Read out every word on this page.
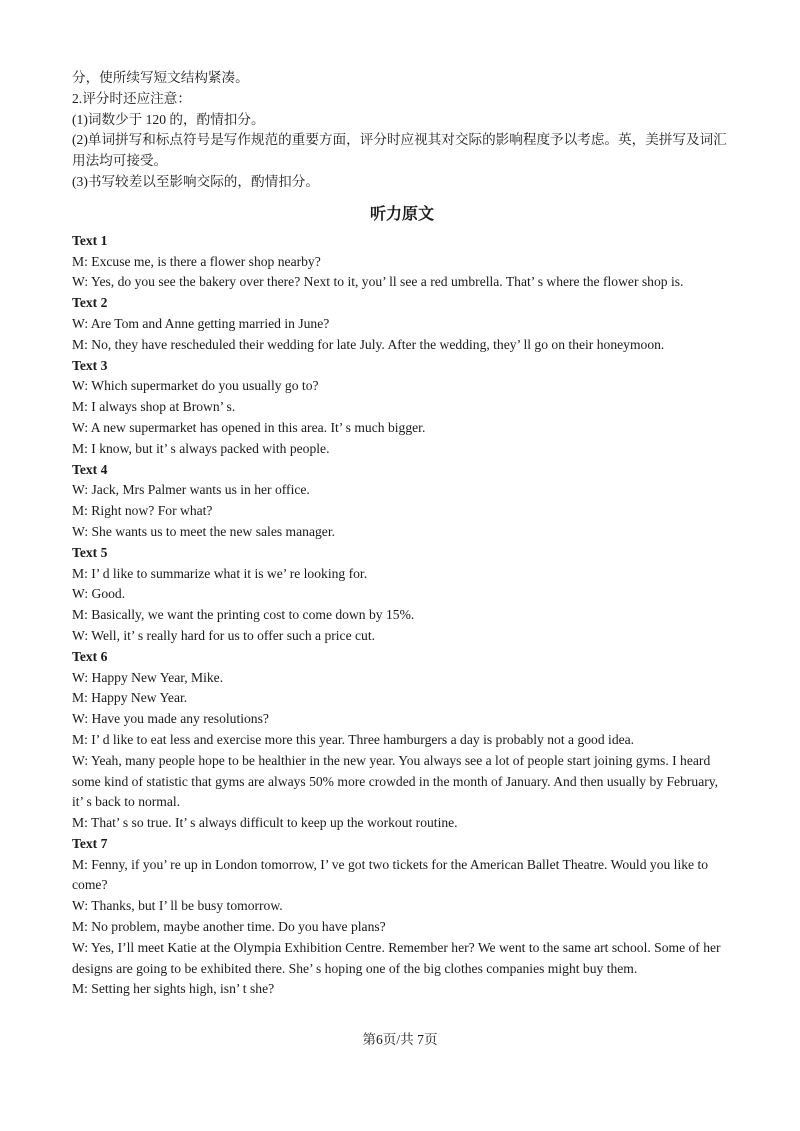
分，使所续写短文结构紧凑。
2.评分时还应注意：
(1)词数少于 120 的，酌情扣分。
(2)单词拼写和标点符号是写作规范的重要方面，评分时应视其对交际的影响程度予以考虑。英，美拼写及词汇用法均可接受。
(3)书写较差以至影响交际的，酌情扣分。
听力原文
Text 1
M: Excuse me, is there a flower shop nearby?
W: Yes, do you see the bakery over there? Next to it, you’ ll see a red umbrella. That’ s where the flower shop is.
Text 2
W: Are Tom and Anne getting married in June?
M: No, they have rescheduled their wedding for late July. After the wedding, they’ ll go on their honeymoon.
Text 3
W: Which supermarket do you usually go to?
M: I always shop at Brown’ s.
W: A new supermarket has opened in this area. It’ s much bigger.
M: I know, but it’ s always packed with people.
Text 4
W: Jack, Mrs Palmer wants us in her office.
M: Right now? For what?
W: She wants us to meet the new sales manager.
Text 5
M: I’ d like to summarize what it is we’ re looking for.
W: Good.
M: Basically, we want the printing cost to come down by 15%.
W: Well, it’ s really hard for us to offer such a price cut.
Text 6
W: Happy New Year, Mike.
M: Happy New Year.
W: Have you made any resolutions?
M: I’ d like to eat less and exercise more this year. Three hamburgers a day is probably not a good idea.
W: Yeah, many people hope to be healthier in the new year. You always see a lot of people start joining gyms. I heard some kind of statistic that gyms are always 50% more crowded in the month of January. And then usually by February, it’ s back to normal.
M: That’ s so true. It’ s always difficult to keep up the workout routine.
Text 7
M: Fenny, if you’ re up in London tomorrow, I’ ve got two tickets for the American Ballet Theatre. Would you like to come?
W: Thanks, but I’ ll be busy tomorrow.
M: No problem, maybe another time. Do you have plans?
W: Yes, I’ll meet Katie at the Olympia Exhibition Centre. Remember her? We went to the same art school. Some of her designs are going to be exhibited there. She’ s hoping one of the big clothes companies might buy them.
M: Setting her sights high, isn’ t she?
第6页/共 7页
